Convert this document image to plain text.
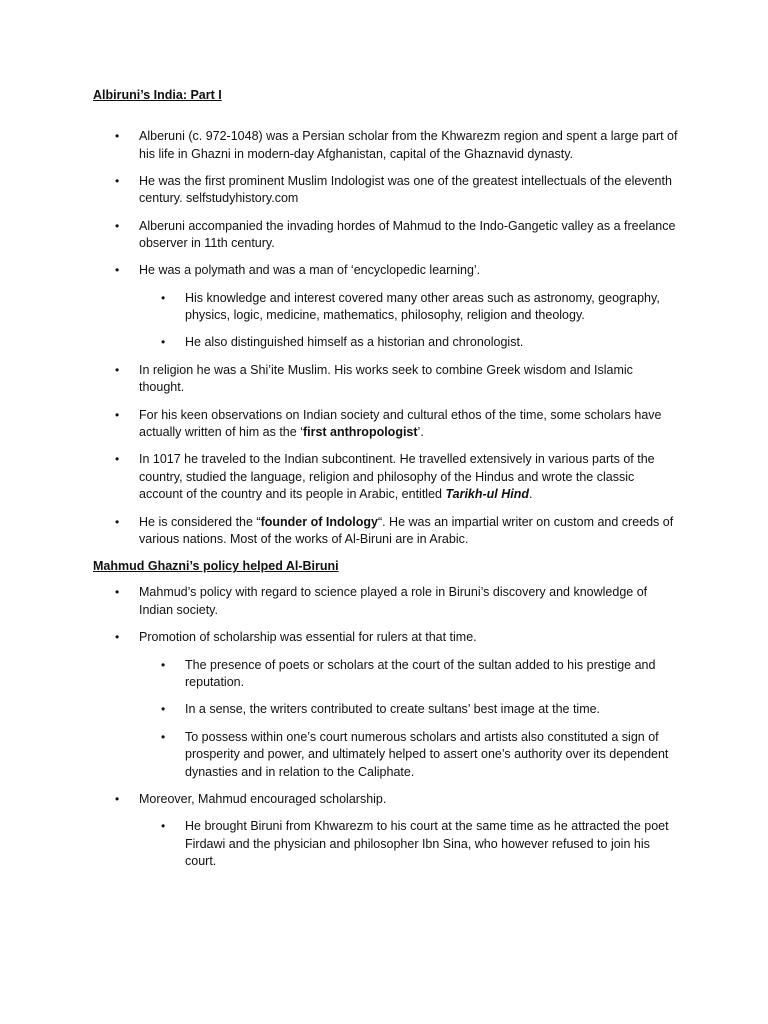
Albiruni’s India: Part I
• Alberuni (c. 972-1048) was a Persian scholar from the Khwarezm region and spent a large part of his life in Ghazni in modern-day Afghanistan, capital of the Ghaznavid dynasty.
• He was the first prominent Muslim Indologist was one of the greatest intellectuals of the eleventh century. selfstudyhistory.com
• Alberuni accompanied the invading hordes of Mahmud to the Indo-Gangetic valley as a freelance observer in 11th century.
• He was a polymath and was a man of ‘encyclopedic learning’.
• His knowledge and interest covered many other areas such as astronomy, geography, physics, logic, medicine, mathematics, philosophy, religion and theology.
• He also distinguished himself as a historian and chronologist.
• In religion he was a Shi’ite Muslim. His works seek to combine Greek wisdom and Islamic thought.
• For his keen observations on Indian society and cultural ethos of the time, some scholars have actually written of him as the ‘first anthropologist’.
• In 1017 he traveled to the Indian subcontinent. He travelled extensively in various parts of the country, studied the language, religion and philosophy of the Hindus and wrote the classic account of the country and its people in Arabic, entitled Tarikh-ul Hind.
• He is considered the “founder of Indology“. He was an impartial writer on custom and creeds of various nations. Most of the works of Al-Biruni are in Arabic.
Mahmud Ghazni’s policy helped Al-Biruni
• Mahmud’s policy with regard to science played a role in Biruni’s discovery and knowledge of Indian society.
• Promotion of scholarship was essential for rulers at that time.
• The presence of poets or scholars at the court of the sultan added to his prestige and reputation.
• In a sense, the writers contributed to create sultans’ best image at the time.
• To possess within one’s court numerous scholars and artists also constituted a sign of prosperity and power, and ultimately helped to assert one’s authority over its dependent dynasties and in relation to the Caliphate.
• Moreover, Mahmud encouraged scholarship.
• He brought Biruni from Khwarezm to his court at the same time as he attracted the poet Firdawi and the physician and philosopher Ibn Sina, who however refused to join his court.
